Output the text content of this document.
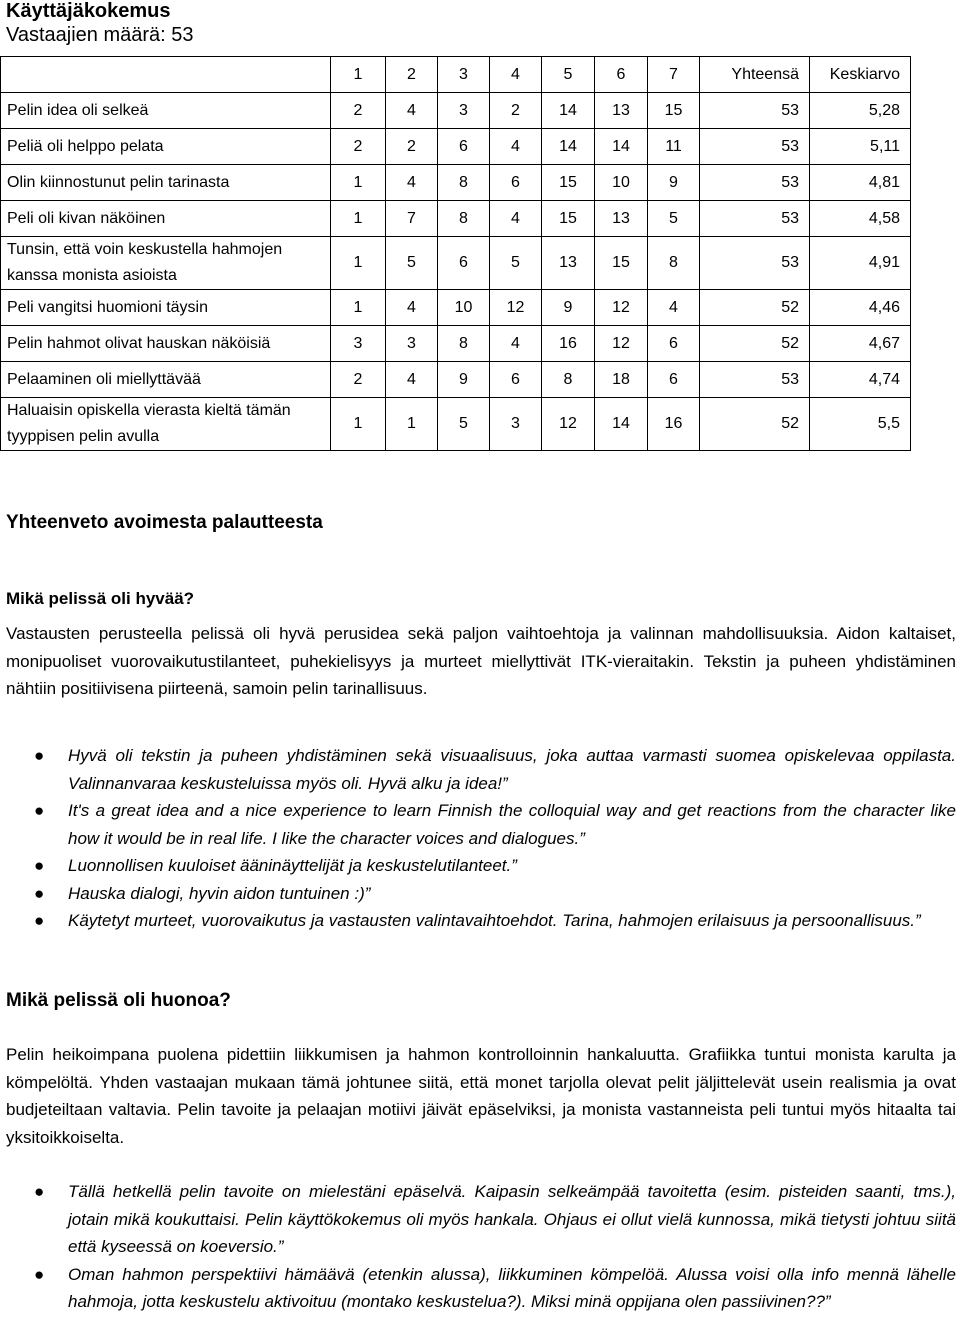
Käyttäjäkokemus
Vastaajien määrä: 53
	1	2	3	4	5	6	7	Yhteensä	Keskiarvo
Pelin idea oli selkeä	2	4	3	2	14	13	15	53	5,28
Peliä oli helppo pelata	2	2	6	4	14	14	11	53	5,11
Olin kiinnostunut pelin tarinasta	1	4	8	6	15	10	9	53	4,81
Peli oli kivan näköinen	1	7	8	4	15	13	5	53	4,58
Tunsin, että voin keskustella hahmojen kanssa monista asioista	1	5	6	5	13	15	8	53	4,91
Peli vangitsi huomioni täysin	1	4	10	12	9	12	4	52	4,46
Pelin hahmot olivat hauskan näköisiä	3	3	8	4	16	12	6	52	4,67
Pelaaminen oli miellyttävää	2	4	9	6	8	18	6	53	4,74
Haluaisin opiskella vierasta kieltä tämän tyyppisen pelin avulla	1	1	5	3	12	14	16	52	5,5
Yhteenveto avoimesta palautteesta
Mikä pelissä oli hyvää?
Vastausten perusteella pelissä oli hyvä perusidea sekä paljon vaihtoehtoja ja valinnan mahdollisuuksia. Aidon kaltaiset, monipuoliset vuorovaikutustilanteet, puhekielisyys ja murteet miellyttivät ITK-vieraitakin. Tekstin ja puheen yhdistäminen nähtiin positiivisena piirteenä, samoin pelin tarinallisuus.
● Hyvä oli tekstin ja puheen yhdistäminen sekä visuaalisuus, joka auttaa varmasti suomea opiskelevaa oppilasta. Valinnanvaraa keskusteluissa myös oli. Hyvä alku ja idea!”
● It's a great idea and a nice experience to learn Finnish the colloquial way and get reactions from the character like how it would be in real life. I like the character voices and dialogues.”
● Luonnollisen kuuloiset ääninäyttelijät ja keskustelutilanteet.”
● Hauska dialogi, hyvin aidon tuntuinen :)”
● Käytetyt murteet, vuorovaikutus ja vastausten valintavaihtoehdot. Tarina, hahmojen erilaisuus ja persoonallisuus.”
Mikä pelissä oli huonoa?
Pelin heikoimpana puolena pidettiin liikkumisen ja hahmon kontrolloinnin hankaluutta. Grafiikka tuntui monista karulta ja kömpelöltä. Yhden vastaajan mukaan tämä johtunee siitä, että monet tarjolla olevat pelit jäljittelevät usein realismia ja ovat budjeteiltaan valtavia. Pelin tavoite ja pelaajan motiivi jäivät epäselviksi, ja monista vastanneista peli tuntui myös hitaalta tai yksitoikkoiselta.
● Tällä hetkellä pelin tavoite on mielestäni epäselvä. Kaipasin selkeämpää tavoitetta (esim. pisteiden saanti, tms.), jotain mikä koukuttaisi. Pelin käyttökokemus oli myös hankala. Ohjaus ei ollut vielä kunnossa, mikä tietysti johtuu siitä että kyseessä on koeversio.”
● Oman hahmon perspektiivi hämäävä (etenkin alussa), liikkuminen kömpelöä. Alussa voisi olla info mennä lähelle hahmoja, jotta keskustelu aktivoituu (montako keskustelua?). Miksi minä oppijana olen passiivinen??”
